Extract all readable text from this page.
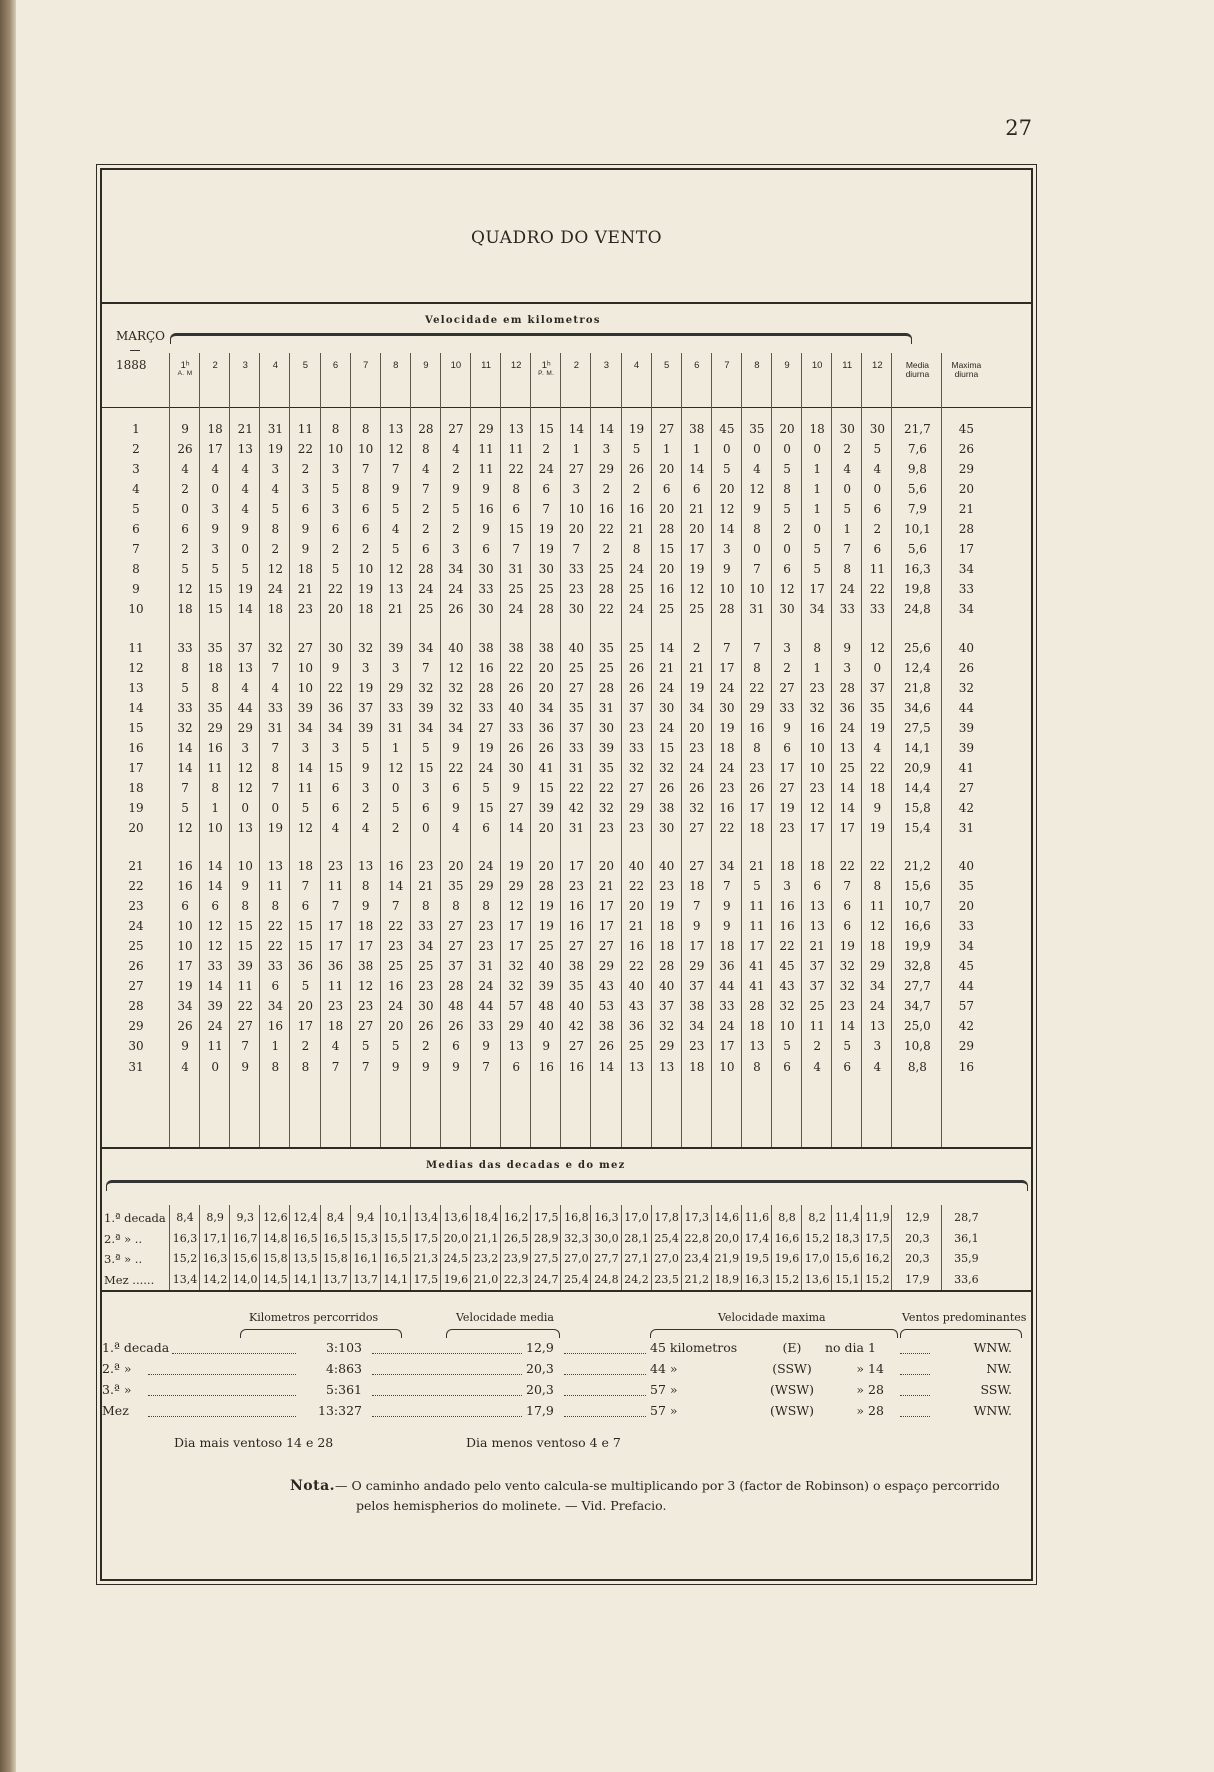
27
QUADRO DO VENTO
MARÇO
1888
Velocidade em kilometros
1ʰ
A. M
2	3	4	5	6	7	8	9	10	11	12	1ʰ
P. M.
2	3	4	5	6	7	8	9	10	11	12	Media
diurna
Maxima
diurna
1	9	18	21	31	11	8	8	13	28	27	29	13	15	14	14	19	27	38	45	35	20	18	30	30	21,7	45
2	26	17	13	19	22	10	10	12	8	4	11	11	2	1	3	5	1	1	0	0	0	0	2	5	7,6	26
3	4	4	4	3	2	3	7	7	4	2	11	22	24	27	29	26	20	14	5	4	5	1	4	4	9,8	29
4	2	0	4	4	3	5	8	9	7	9	9	8	6	3	2	2	6	6	20	12	8	1	0	0	5,6	20
5	0	3	4	5	6	3	6	5	2	5	16	6	7	10	16	16	20	21	12	9	5	1	5	6	7,9	21
6	6	9	9	8	9	6	6	4	2	2	9	15	19	20	22	21	28	20	14	8	2	0	1	2	10,1	28
7	2	3	0	2	9	2	2	5	6	3	6	7	19	7	2	8	15	17	3	0	0	5	7	6	5,6	17
8	5	5	5	12	18	5	10	12	28	34	30	31	30	33	25	24	20	19	9	7	6	5	8	11	16,3	34
9	12	15	19	24	21	22	19	13	24	24	33	25	25	23	28	25	16	12	10	10	12	17	24	22	19,8	33
10	18	15	14	18	23	20	18	21	25	26	30	24	28	30	22	24	25	25	28	31	30	34	33	33	24,8	34
11	33	35	37	32	27	30	32	39	34	40	38	38	38	40	35	25	14	2	7	7	3	8	9	12	25,6	40
12	8	18	13	7	10	9	3	3	7	12	16	22	20	25	25	26	21	21	17	8	2	1	3	0	12,4	26
13	5	8	4	4	10	22	19	29	32	32	28	26	20	27	28	26	24	19	24	22	27	23	28	37	21,8	32
14	33	35	44	33	39	36	37	33	39	32	33	40	34	35	31	37	30	34	30	29	33	32	36	35	34,6	44
15	32	29	29	31	34	34	39	31	34	34	27	33	36	37	30	23	24	20	19	16	9	16	24	19	27,5	39
16	14	16	3	7	3	3	5	1	5	9	19	26	26	33	39	33	15	23	18	8	6	10	13	4	14,1	39
17	14	11	12	8	14	15	9	12	15	22	24	30	41	31	35	32	32	24	24	23	17	10	25	22	20,9	41
18	7	8	12	7	11	6	3	0	3	6	5	9	15	22	22	27	26	26	23	26	27	23	14	18	14,4	27
19	5	1	0	0	5	6	2	5	6	9	15	27	39	42	32	29	38	32	16	17	19	12	14	9	15,8	42
20	12	10	13	19	12	4	4	2	0	4	6	14	20	31	23	23	30	27	22	18	23	17	17	19	15,4	31
21	16	14	10	13	18	23	13	16	23	20	24	19	20	17	20	40	40	27	34	21	18	18	22	22	21,2	40
22	16	14	9	11	7	11	8	14	21	35	29	29	28	23	21	22	23	18	7	5	3	6	7	8	15,6	35
23	6	6	8	8	6	7	9	7	8	8	8	12	19	16	17	20	19	7	9	11	16	13	6	11	10,7	20
24	10	12	15	22	15	17	18	22	33	27	23	17	19	16	17	21	18	9	9	11	16	13	6	12	16,6	33
25	10	12	15	22	15	17	17	23	34	27	23	17	25	27	27	16	18	17	18	17	22	21	19	18	19,9	34
26	17	33	39	33	36	36	38	25	25	37	31	32	40	38	29	22	28	29	36	41	45	37	32	29	32,8	45
27	19	14	11	6	5	11	12	16	23	28	24	32	39	35	43	40	40	37	44	41	43	37	32	34	27,7	44
28	34	39	22	34	20	23	23	24	30	48	44	57	48	40	53	43	37	38	33	28	32	25	23	24	34,7	57
29	26	24	27	16	17	18	27	20	26	26	33	29	40	42	38	36	32	34	24	18	10	11	14	13	25,0	42
30	9	11	7	1	2	4	5	5	2	6	9	13	9	27	26	25	29	23	17	13	5	2	5	3	10,8	29
31	4	0	9	8	8	7	7	9	9	9	7	6	16	16	14	13	13	18	10	8	6	4	6	4	8,8	16
Medias das decadas e do mez
1.ª decada 8,4	8,9	9,3 12,6 12,4 8,4	9,4 10,1 13,4 13,6 18,4 16,2 17,5 16,8 16,3 17,0 17,8 17,3 14,6 11,6 8,8	8,2 11,4 11,9	12,9	28,7
2.ª » ..	16,3 17,1 16,7 14,8 16,5 16,5 15,3 15,5 17,5 20,0 21,1 26,5 28,9 32,3 30,0 28,1 25,4 22,8 20,0 17,4 16,6 15,2 18,3 17,5	20,3	36,1
3.ª » ..	15,2 16,3 15,6 15,8 13,5 15,8 16,1 16,5 21,3 24,5 23,2 23,9 27,5 27,0 27,7 27,1 27,0 23,4 21,9 19,5 19,6 17,0 15,6 16,2	20,3	35,9
Mez ......	13,4 14,2 14,0 14,5 14,1 13,7 13,7 14,1 17,5 19,6 21,0 22,3 24,7 25,4 24,8 24,2 23,5 21,2 18,9 16,3 15,2 13,6 15,1 15,2	17,9	33,6
Kilometros percorridos	Velocidade media	Velocidade maxima	Ventos predominantes
1.ª decada	3:103	12,9	45 kilometros	(E)	no dia 1	WNW.
2.ª »	4:863	20,3	44 »	(SSW)	» 14	NW.
3.ª »	5:361	20,3	57 »	(WSW)	» 28	SSW.
Mez	13:327	17,9	57 »	(WSW)	» 28	WNW.
Dia mais ventoso 14 e 28	Dia menos ventoso 4 e 7
Nota.— O caminho andado pelo vento calcula-se multiplicando por 3 (factor de Robinson) o espaço percorrido
pelos hemispherios do molinete. — Vid. Prefacio.
